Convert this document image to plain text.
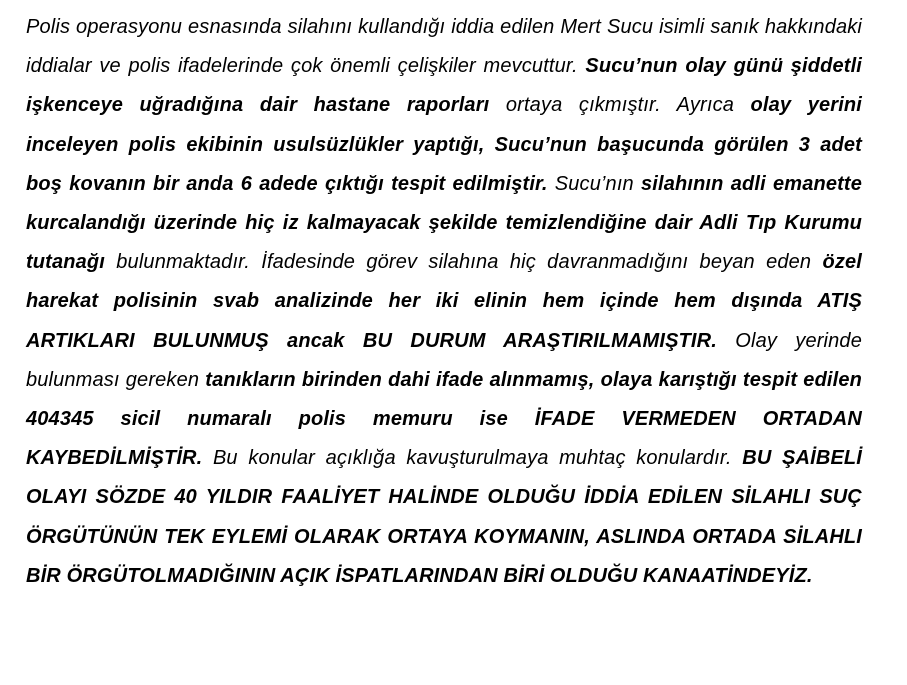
Polis operasyonu esnasında silahını kullandığı iddia edilen Mert Sucu isimli sanık hakkındaki iddialar ve polis ifadelerinde çok önemli çelişkiler mevcuttur. Sucu’nun olay günü şiddetli işkenceye uğradığına dair hastane raporları ortaya çıkmıştır. Ayrıca olay yerini inceleyen polis ekibinin usulsüzlükler yaptığı, Sucu’nun başucunda görülen 3 adet boş kovanın bir anda 6 adede çıktığı tespit edilmiştir. Sucu’nın silahının adli emanette kurcalandığı üzerinde hiç iz kalmayacak şekilde temizlendiğine dair Adli Tıp Kurumu tutanağı bulunmaktadır. İfadesinde görev silahına hiç davranmadığını beyan eden özel harekat polisinin svab analizinde her iki elinin hem içinde hem dışında ATIŞ ARTIKLARI BULUNMUŞ ancak BU DURUM ARAŞTIRILMAMIŞTIR. Olay yerinde bulunması gereken tanıkların birinden dahi ifade alınmamış, olaya karıştığı tespit edilen 404345 sicil numaralı polis memuru ise İFADE VERMEDEN ORTADAN KAYBEDİLMİŞTİR. Bu konular açıklığa kavuşturulmaya muhtaç konulardır. BU ŞAİBELİ OLAYI SÖZDE 40 YILDIR FAALİYET HALİNDE OLDUĞU İDDİA EDİLEN SİLAHLI SUÇ ÖRGÜTÜNÜN TEK EYLEMİ OLARAK ORTAYA KOYMANIN, ASLINDA ORTADA SİLAHLI BİR ÖRGÜTOLMADIĞININ AÇIK İSPATLARINDAN BİRİ OLDUĞU KANAATİNDEYİZ.
